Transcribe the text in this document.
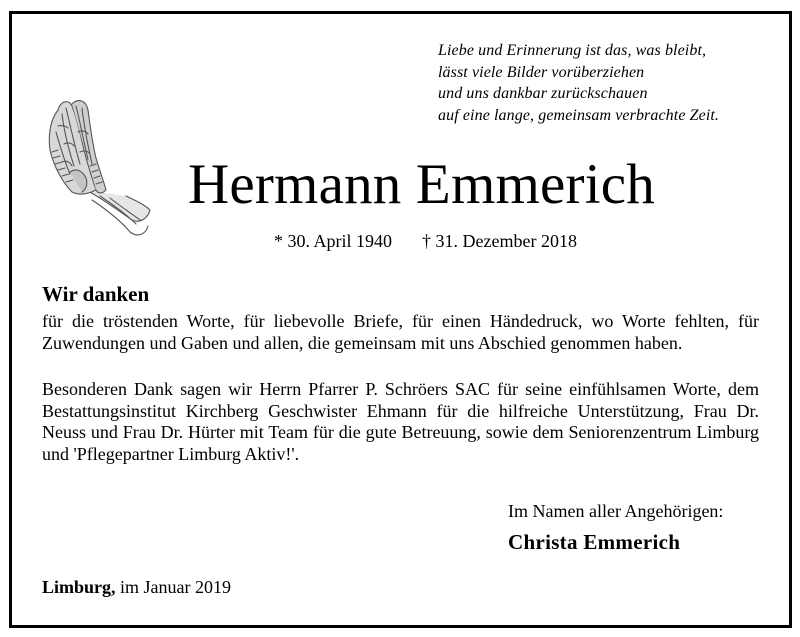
Liebe und Erinnerung ist das, was bleibt,
lässt viele Bilder vorüberziehen
und uns dankbar zurückschauen
auf eine lange, gemeinsam verbrachte Zeit.
Hermann Emmerich
* 30. April 1940 † 31. Dezember 2018
Wir danken
für die tröstenden Worte, für liebevolle Briefe, für einen Händedruck, wo Worte fehlten, für Zuwendungen und Gaben und allen, die gemeinsam mit uns Abschied genommen haben.
Besonderen Dank sagen wir Herrn Pfarrer P. Schröers SAC für seine einfühlsamen Worte, dem Bestattungsinstitut Kirchberg Geschwister Ehmann für die hilfreiche Unterstützung, Frau Dr. Neuss und Frau Dr. Hürter mit Team für die gute Betreuung, sowie dem Seniorenzentrum Limburg und 'Pflegepartner Limburg Aktiv!'.
Im Namen aller Angehörigen:
Christa Emmerich
Limburg, im Januar 2019
